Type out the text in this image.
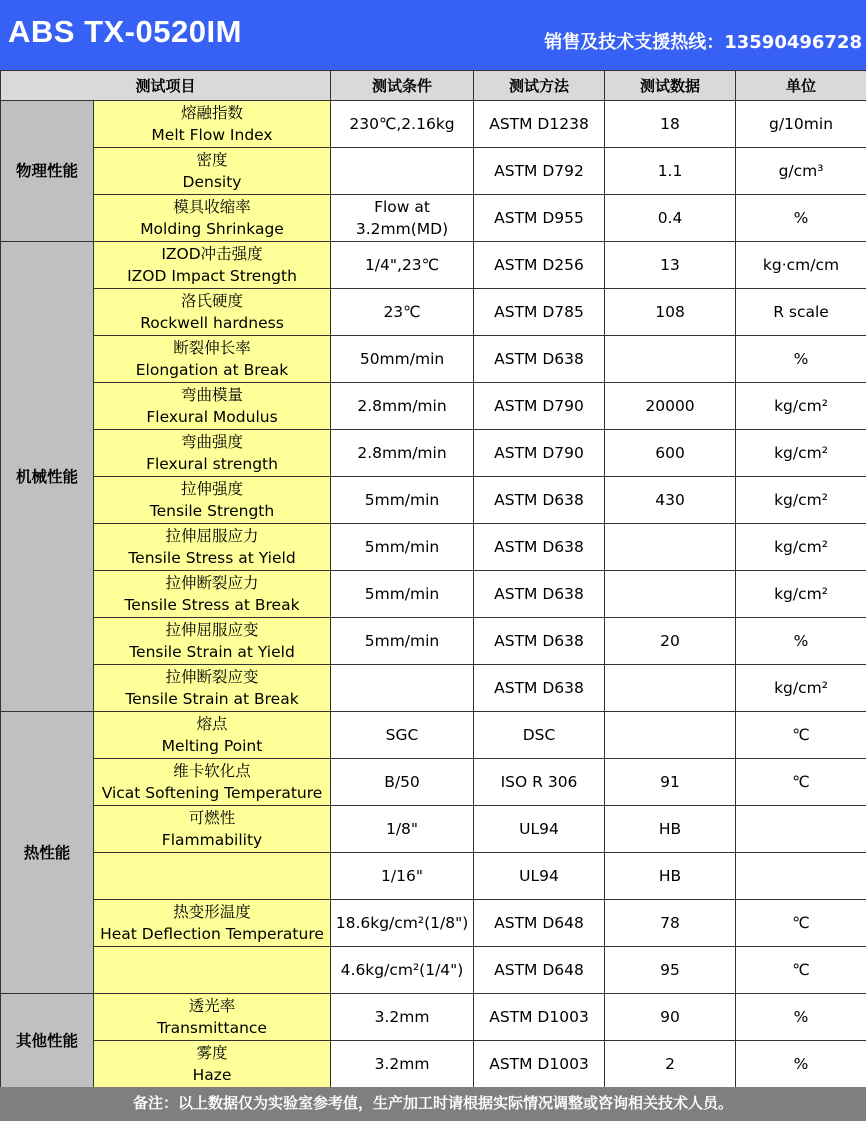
ABS TX-0520IM	销售及技术支援热线：13590496728
测试项目		测试条件	测试方法	测试数据	单位
物理性能	熔融指数
Melt Flow Index	230℃,2.16kg	ASTM D1238	18	g/10min

	密度
Density		ASTM D792	1.1	g/cm³

	模具收缩率
Molding Shrinkage	Flow at
3.2mm(MD)	ASTM D955	0.4	%
机械性能	IZOD冲击强度
IZOD Impact Strength	1/4",23℃	ASTM D256	13	kg·cm/cm

	洛氏硬度
Rockwell hardness	23℃	ASTM D785	108	R scale

	断裂伸长率
Elongation at Break	50mm/min	ASTM D638		%

	弯曲模量
Flexural Modulus	2.8mm/min	ASTM D790	20000	kg/cm²

	弯曲强度
Flexural strength	2.8mm/min	ASTM D790	600	kg/cm²

	拉伸强度
Tensile Strength	5mm/min	ASTM D638	430	kg/cm²

	拉伸屈服应力
Tensile Stress at Yield	5mm/min	ASTM D638		kg/cm²

	拉伸断裂应力
Tensile Stress at Break	5mm/min	ASTM D638		kg/cm²

	拉伸屈服应变
Tensile Strain at Yield	5mm/min	ASTM D638	20	%

	拉伸断裂应变
Tensile Strain at Break		ASTM D638		kg/cm²
热性能	熔点
Melting Point	SGC	DSC		℃

	维卡软化点
Vicat Softening Temperature	B/50	ISO R 306	91	℃

	可燃性
Flammability	1/8"	UL94	HB	

		1/16"	UL94	HB	

	热变形温度
Heat Deflection Temperature	18.6kg/cm²(1/8")	ASTM D648	78	℃

		4.6kg/cm²(1/4")	ASTM D648	95	℃
其他性能	透光率
Transmittance	3.2mm	ASTM D1003	90	%

	雾度
Haze	3.2mm	ASTM D1003	2	%
备注：以上数据仅为实验室参考值，生产加工时请根据实际情况调整或咨询相关技术人员。
